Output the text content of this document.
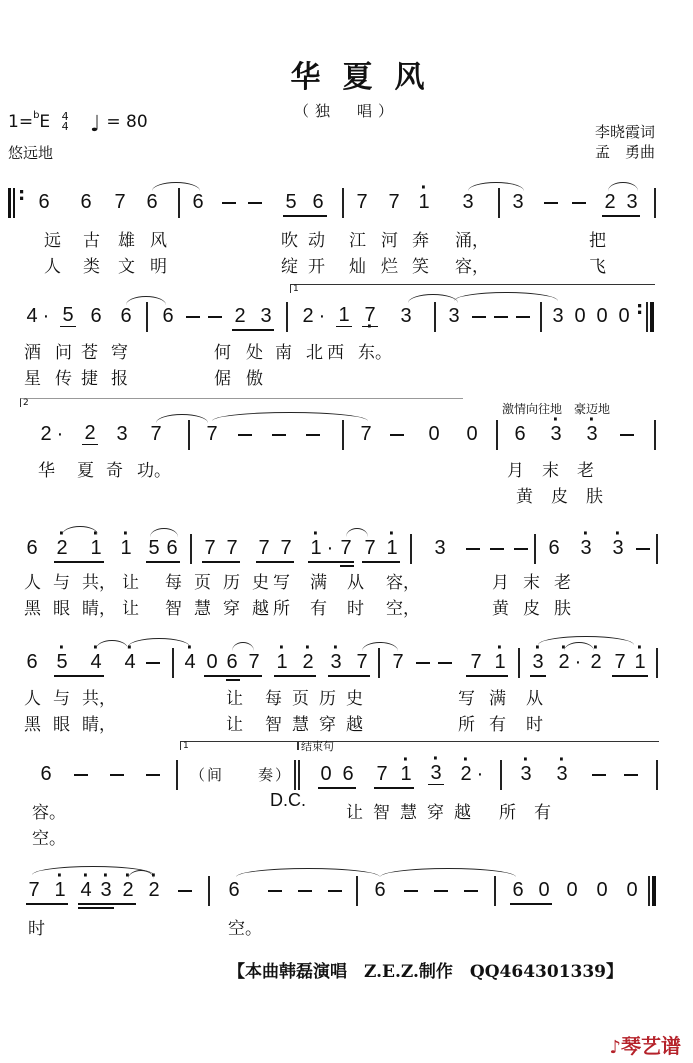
华夏风
（独　唱）
1=$^b$E 4
4 ♩ = 80
悠远地
李晓霞词
孟　勇曲
: 6 6 7 6 6	5 6 7 7 · 1 3 3	2 3
远 古 雄 风	吹 动 江 河 奔 涌，	把
人 类 文 明	绽 开 灿 烂 笑 容，	飞
1
4 · 5 6 6 6	2 3 2 · 1 7 · 3 3	3 0 0 0 :
酒 问 苍 穹	何 处 南 北 西 东。
星 传 捷 报	倨 傲
2	激情向往地　豪迈地
2 · 2 3 7 7	7	0 0 6 · 3 · 3
华 夏 奇 功。	月 末 老
黄 皮 肤
6 · 2 · 1 · 1 5 6 7 7 7 7 · 1 · 7 7 · 1 3	6 · 3 · 3
人 与 共， 让 每 页 历 史 写 满 从 容，	月 末 老
黑 眼 睛， 让 智 慧 穿 越 所 有 时 空，	黄 皮 肤
6 · 5 · 4 · 4 · 4 0 6 7 · 1 · 2 · 3 7 7	7 · 1 · 3 · 2 · · 2 7 · 1
人 与 共，	让 每 页 历 史	写 满 从
黑 眼 睛，	让 智 慧 穿 越	所 有 时
1	结束句
6	（间　　奏） 0 6 7 · 1 · 3 · 2 · · 3 · 3
D.C.
容。	让 智 慧 穿 越 所 有
空。
7 · 1 · 4 · 3 · 2 · 2	6	6	6 0 0 0 0
时	空。
【本曲韩磊演唱　Z.E.Z.制作　QQ464301339】
♪琴艺谱
